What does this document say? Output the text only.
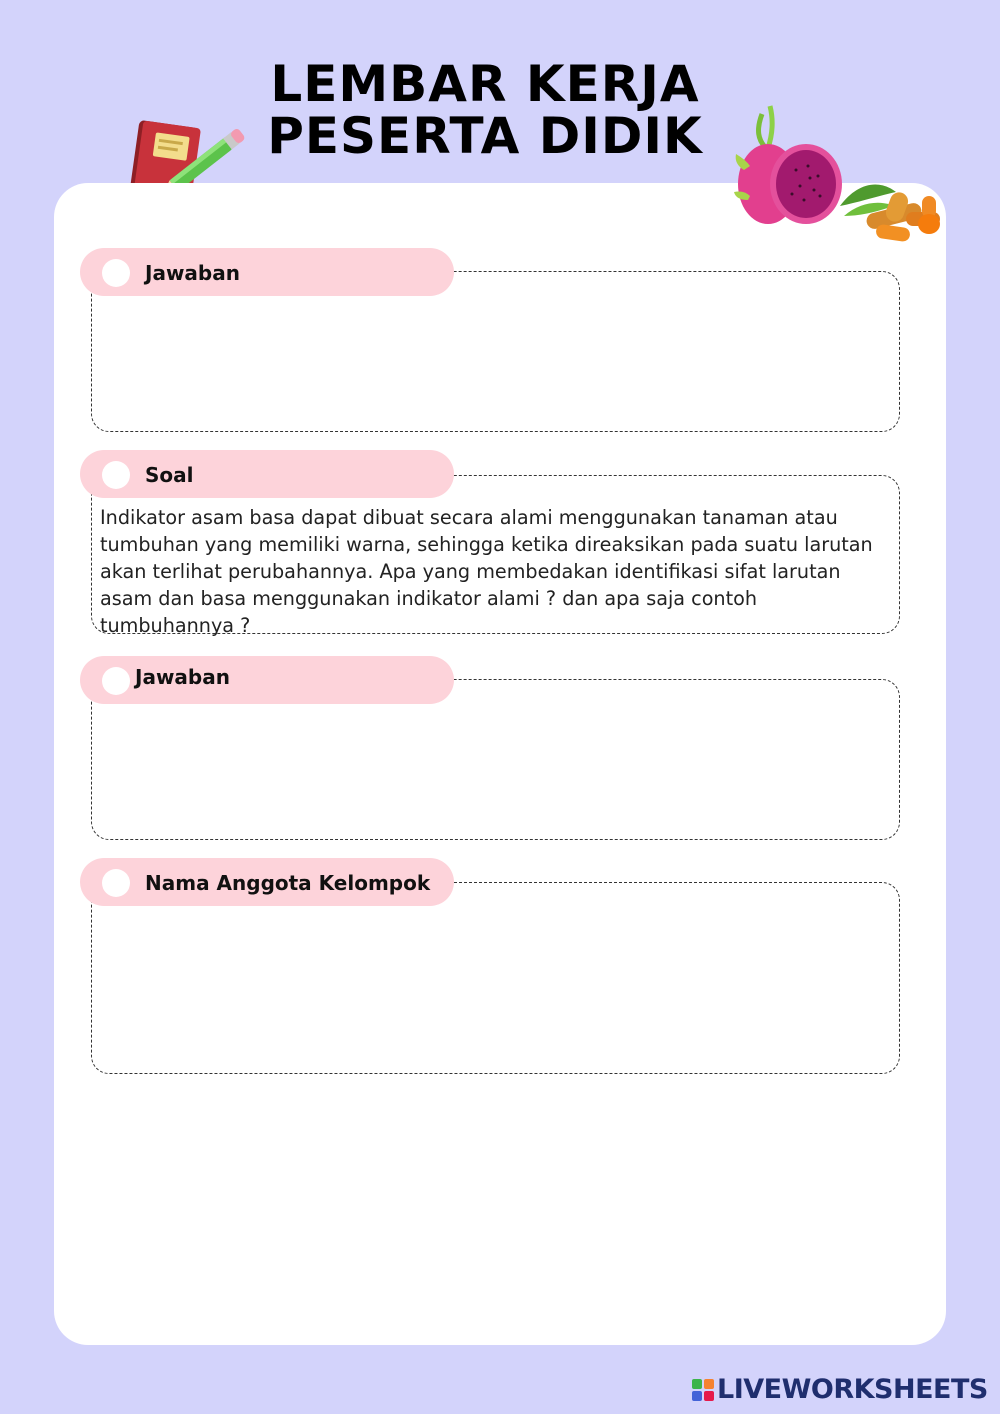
LEMBAR KERJA
PESERTA DIDIK
Jawaban
Soal
Indikator asam basa dapat dibuat secara alami menggunakan tanaman atau tumbuhan yang memiliki warna, sehingga ketika direaksikan pada suatu larutan akan terlihat perubahannya. Apa yang membedakan identifikasi sifat larutan asam dan basa menggunakan indikator alami ? dan apa saja contoh tumbuhannya ?
Jawaban
Nama Anggota Kelompok
LIVEWORKSHEETS
